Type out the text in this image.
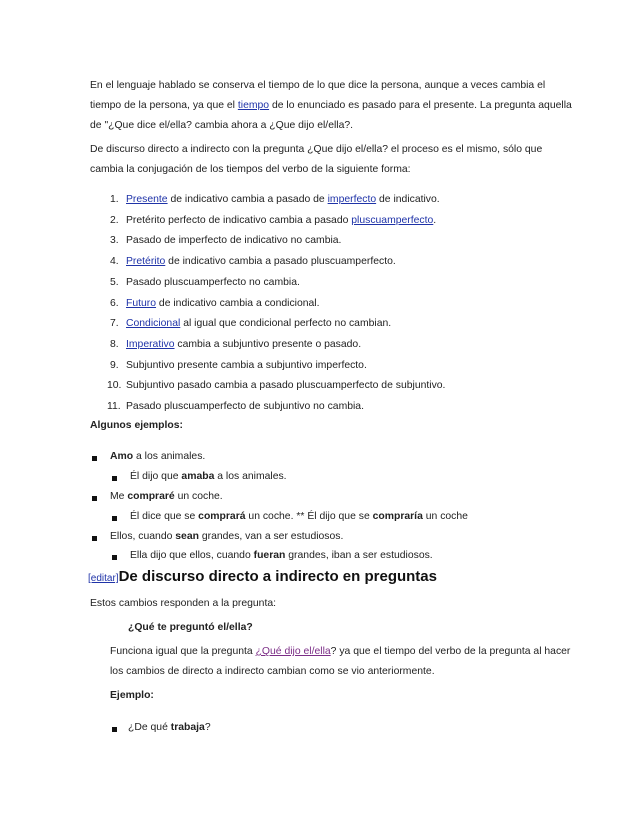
En el lenguaje hablado se conserva el tiempo de lo que dice la persona, aunque a veces cambia el
tiempo de la persona, ya que el tiempo de lo enunciado es pasado para el presente. La pregunta aquella
de "¿Que dice el/ella? cambia ahora a ¿Que dijo el/ella?.
De discurso directo a indirecto con la pregunta ¿Que dijo el/ella? el proceso es el mismo, sólo que
cambia la conjugación de los tiempos del verbo de la siguiente forma:
1. Presente de indicativo cambia a pasado de imperfecto de indicativo.
2. Pretérito perfecto de indicativo cambia a pasado pluscuamperfecto.
3. Pasado de imperfecto de indicativo no cambia.
4. Pretérito de indicativo cambia a pasado pluscuamperfecto.
5. Pasado pluscuamperfecto no cambia.
6. Futuro de indicativo cambia a condicional.
7. Condicional al igual que condicional perfecto no cambian.
8. Imperativo cambia a subjuntivo presente o pasado.
9. Subjuntivo presente cambia a subjuntivo imperfecto.
10. Subjuntivo pasado cambia a pasado pluscuamperfecto de subjuntivo.
11. Pasado pluscuamperfecto de subjuntivo no cambia.
Algunos ejemplos:
Amo a los animales.
Él dijo que amaba a los animales.
Me compraré un coche.
Él dice que se comprará un coche. ** Él dijo que se compraría un coche
Ellos, cuando sean grandes, van a ser estudiosos.
Ella dijo que ellos, cuando fueran grandes, iban a ser estudiosos.
[editar]De discurso directo a indirecto en preguntas
Estos cambios responden a la pregunta:
¿Qué te preguntó el/ella?
Funciona igual que la pregunta ¿Qué dijo el/ella? ya que el tiempo del verbo de la pregunta al hacer
los cambios de directo a indirecto cambian como se vio anteriormente.
Ejemplo:
¿De qué trabaja?
